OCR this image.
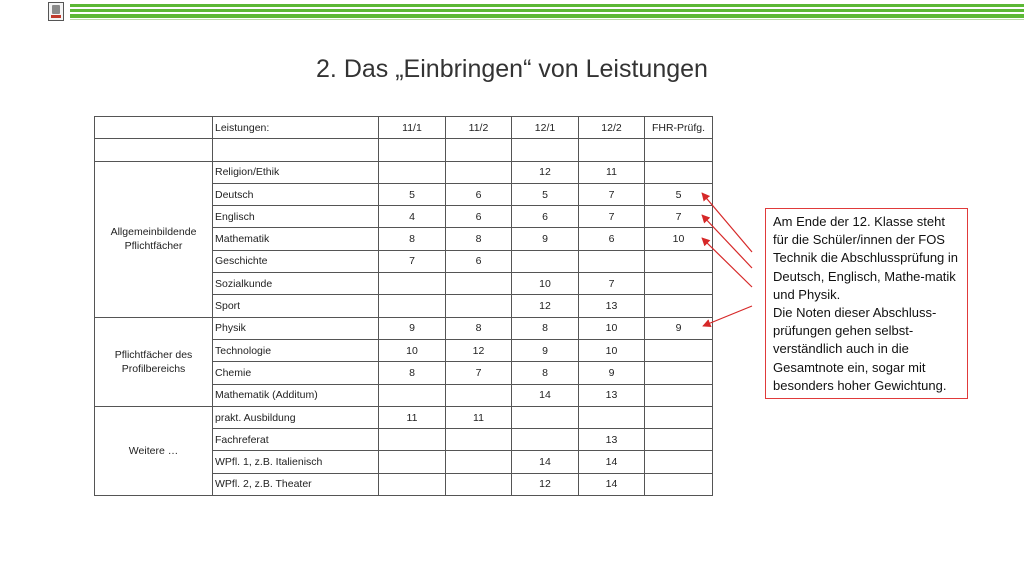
2. Das „Einbringen“ von Leistungen
	Leistungen:	11/1	11/2	12/1	12/2	FHR-Prüfg.

Allgemeinbildende Pflichtfächer	Religion/Ethik			12	11	
	Deutsch	5	6	5	7	5
	Englisch	4	6	6	7	7
	Mathematik	8	8	9	6	10
	Geschichte	7	6			
	Sozialkunde			10	7	
	Sport			12	13	
Pflichtfächer des Profilbereichs	Physik	9	8	8	10	9
	Technologie	10	12	9	10	
	Chemie	8	7	8	9	
	Mathematik (Additum)			14	13	
Weitere …	prakt. Ausbildung	11	11			
	Fachreferat				13	
	WPfl. 1, z.B. Italienisch			14	14	
	WPfl. 2, z.B. Theater			12	14	

Am Ende der 12. Klasse steht für die Schüler/innen der FOS Technik die Abschlussprüfung in Deutsch, Englisch, Mathe-matik und Physik.

Die Noten dieser Abschluss-prüfungen gehen selbst-verständlich auch in die Gesamtnote ein, sogar mit besonders hoher Gewichtung.
